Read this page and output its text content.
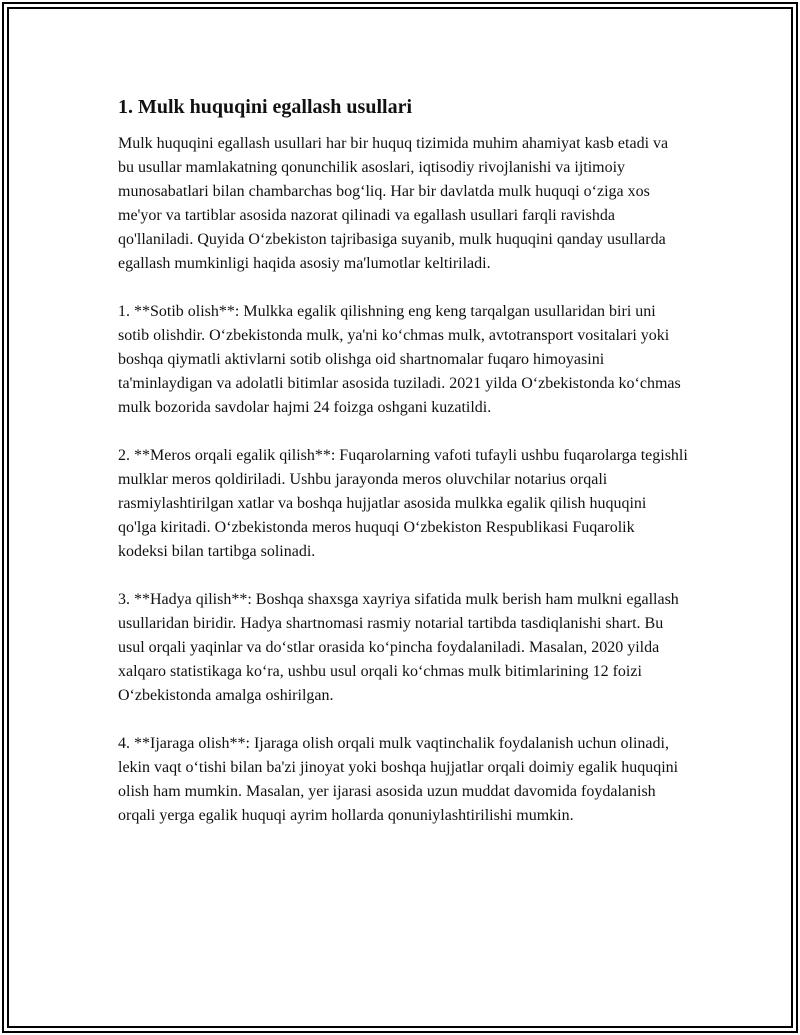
1. Mulk huquqini egallash usullari

Mulk huquqini egallash usullari har bir huquq tizimida muhim ahamiyat kasb etadi va bu usullar mamlakatning qonunchilik asoslari, iqtisodiy rivojlanishi va ijtimoiy munosabatlari bilan chambarchas bog‘liq. Har bir davlatda mulk huquqi o‘ziga xos me'yor va tartiblar asosida nazorat qilinadi va egallash usullari farqli ravishda qo'llaniladi. Quyida O‘zbekiston tajribasiga suyanib, mulk huquqini qanday usullarda egallash mumkinligi haqida asosiy ma'lumotlar keltiriladi.

1. **Sotib olish**: Mulkka egalik qilishning eng keng tarqalgan usullaridan biri uni sotib olishdir. O‘zbekistonda mulk, ya'ni ko‘chmas mulk, avtotransport vositalari yoki boshqa qiymatli aktivlarni sotib olishga oid shartnomalar fuqaro himoyasini ta'minlaydigan va adolatli bitimlar asosida tuziladi. 2021 yilda O‘zbekistonda ko‘chmas mulk bozorida savdolar hajmi 24 foizga oshgani kuzatildi.

2. **Meros orqali egalik qilish**: Fuqarolarning vafoti tufayli ushbu fuqarolarga tegishli mulklar meros qoldiriladi. Ushbu jarayonda meros oluvchilar notarius orqali rasmiylashtirilgan xatlar va boshqa hujjatlar asosida mulkka egalik qilish huquqini qo'lga kiritadi. O‘zbekistonda meros huquqi O‘zbekiston Respublikasi Fuqarolik kodeksi bilan tartibga solinadi.

3. **Hadya qilish**: Boshqa shaxsga xayriya sifatida mulk berish ham mulkni egallash usullaridan biridir. Hadya shartnomasi rasmiy notarial tartibda tasdiqlanishi shart. Bu usul orqali yaqinlar va do‘stlar orasida ko‘pincha foydalaniladi. Masalan, 2020 yilda xalqaro statistikaga ko‘ra, ushbu usul orqali ko‘chmas mulk bitimlarining 12 foizi O‘zbekistonda amalga oshirilgan.

4. **Ijaraga olish**: Ijaraga olish orqali mulk vaqtinchalik foydalanish uchun olinadi, lekin vaqt o‘tishi bilan ba'zi jinoyat yoki boshqa hujjatlar orqali doimiy egalik huquqini olish ham mumkin. Masalan, yer ijarasi asosida uzun muddat davomida foydalanish orqali yerga egalik huquqi ayrim hollarda qonuniylashtirilishi mumkin.
